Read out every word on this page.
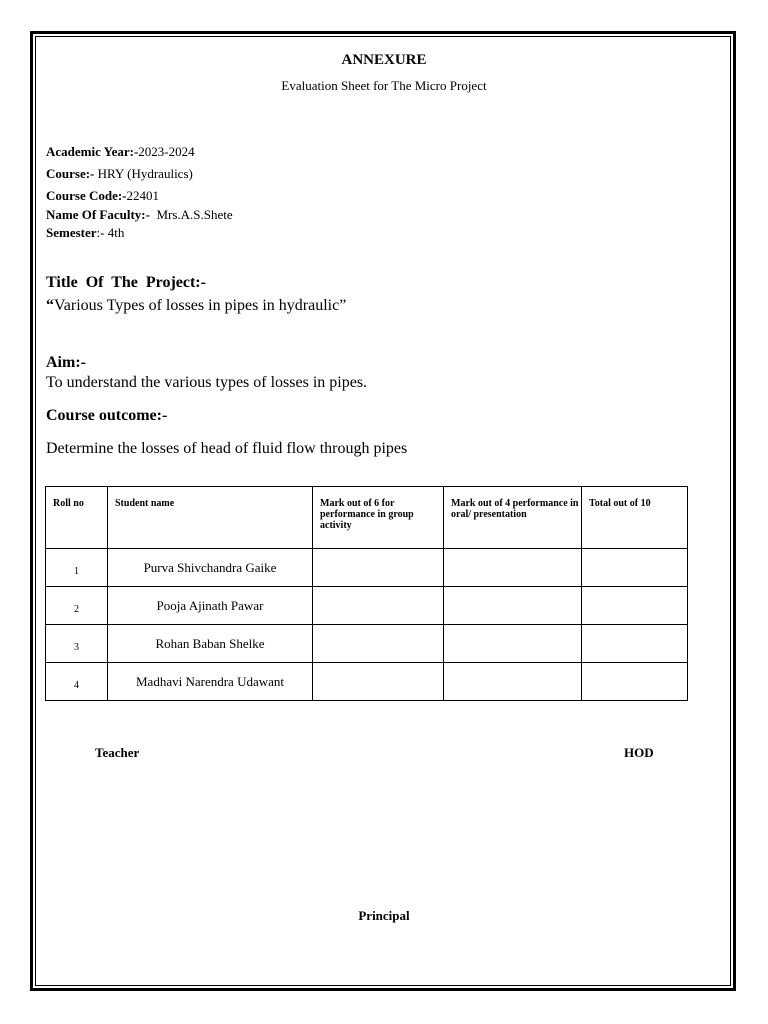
ANNEXURE
Evaluation Sheet for The Micro Project
Academic Year:-2023-2024
Course:- HRY (Hydraulics)
Course Code:-22401
Name Of Faculty:-  Mrs.A.S.Shete
Semester:- 4th
Title  Of  The  Project:-
“Various Types of losses in pipes in hydraulic”
Aim:-
To understand the various types of losses in pipes.
Course outcome:-
Determine the losses of head of fluid flow through pipes
Roll no	Student name	Mark out of 6 for performance in group activity	Mark out of 4 performance in oral/ presentation	Total out of 10
1	Purva Shivchandra Gaike			
2	Pooja Ajinath Pawar			
3	Rohan Baban Shelke			
4	Madhavi Narendra Udawant			
Teacher	HOD
Principal
